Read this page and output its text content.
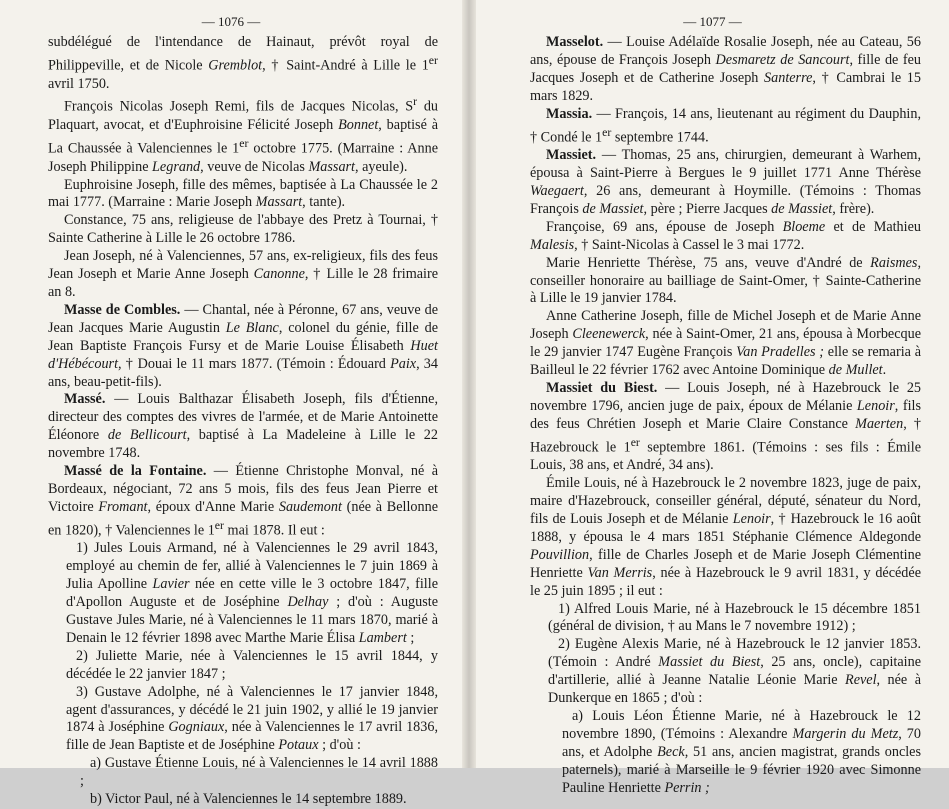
— 1076 —

subdélégué de l'intendance de Hainaut, prévôt royal de Philippeville, et de Nicole Gremblot, † Saint-André à Lille le 1er avril 1750.

François Nicolas Joseph Remi, fils de Jacques Nicolas, $S^r$ du Plaquart, avocat, et d'Euphroisine Félicité Joseph Bonnet, baptisé à La Chaussée à Valenciennes le 1er octobre 1775. (Marraine : Anne Joseph Philippine Legrand, veuve de Nicolas Massart, ayeule).

Euphroisine Joseph, fille des mêmes, baptisée à La Chaussée le 2 mai 1777. (Marraine : Marie Joseph Massart, tante).

Constance, 75 ans, religieuse de l'abbaye des Pretz à Tournai, † Sainte Catherine à Lille le 26 octobre 1786.

Jean Joseph, né à Valenciennes, 57 ans, ex-religieux, fils des feus Jean Joseph et Marie Anne Joseph Canonne, † Lille le 28 frimaire an 8.

Masse de Combles. — Chantal, née à Péronne, 67 ans, veuve de Jean Jacques Marie Augustin Le Blanc, colonel du génie, fille de Jean Baptiste François Fursy et de Marie Louise Élisabeth Huet d'Hébécourt, † Douai le 11 mars 1877. (Témoin : Édouard Paix, 34 ans, beau-petit-fils).

Massé. — Louis Balthazar Élisabeth Joseph, fils d'Étienne, directeur des comptes des vivres de l'armée, et de Marie Antoinette Éléonore de Bellicourt, baptisé à La Madeleine à Lille le 22 novembre 1748.

Massé de la Fontaine. — Étienne Christophe Monval, né à Bordeaux, négociant, 72 ans 5 mois, fils des feus Jean Pierre et Victoire Fromant, époux d'Anne Marie Saudemont (née à Bellonne en 1820), † Valenciennes le 1er mai 1878. Il eut :

1) Jules Louis Armand, né à Valenciennes le 29 avril 1843, employé au chemin de fer, allié à Valenciennes le 7 juin 1869 à Julia Apolline Lavier née en cette ville le 3 octobre 1847, fille d'Apollon Auguste et de Joséphine Delhay ; d'où : Auguste Gustave Jules Marie, né à Valenciennes le 11 mars 1870, marié à Denain le 12 février 1898 avec Marthe Marie Élisa Lambert ;

2) Juliette Marie, née à Valenciennes le 15 avril 1844, y décédée le 22 janvier 1847 ;

3) Gustave Adolphe, né à Valenciennes le 17 janvier 1848, agent d'assurances, y décédé le 21 juin 1902, y allié le 19 janvier 1874 à Joséphine Gogniaux, née à Valenciennes le 17 avril 1836, fille de Jean Baptiste et de Joséphine Potaux ; d'où :

a) Gustave Étienne Louis, né à Valenciennes le 14 avril 1888 ;

b) Victor Paul, né à Valenciennes le 14 septembre 1889.

— 1077 —

Masselot. — Louise Adélaïde Rosalie Joseph, née au Cateau, 56 ans, épouse de François Joseph Desmaretz de Sancourt, fille de feu Jacques Joseph et de Catherine Joseph Santerre, † Cambrai le 15 mars 1829.

Massia. — François, 14 ans, lieutenant au régiment du Dauphin, † Condé le 1er septembre 1744.

Massiet. — Thomas, 25 ans, chirurgien, demeurant à Warhem, épousa à Saint-Pierre à Bergues le 9 juillet 1771 Anne Thérèse Waegaert, 26 ans, demeurant à Hoymille. (Témoins : Thomas François de Massiet, père ; Pierre Jacques de Massiet, frère).

Françoise, 69 ans, épouse de Joseph Bloeme et de Mathieu Malesis, † Saint-Nicolas à Cassel le 3 mai 1772.

Marie Henriette Thérèse, 75 ans, veuve d'André de Raismes, conseiller honoraire au bailliage de Saint-Omer, † Sainte-Catherine à Lille le 19 janvier 1784.

Anne Catherine Joseph, fille de Michel Joseph et de Marie Anne Joseph Cleenewerck, née à Saint-Omer, 21 ans, épousa à Morbecque le 29 janvier 1747 Eugène François Van Pradelles ; elle se remaria à Bailleul le 22 février 1762 avec Antoine Dominique de Mullet.

Massiet du Biest. — Louis Joseph, né à Hazebrouck le 25 novembre 1796, ancien juge de paix, époux de Mélanie Lenoir, fils des feus Chrétien Joseph et Marie Claire Constance Maerten, † Hazebrouck le 1er septembre 1861. (Témoins : ses fils : Émile Louis, 38 ans, et André, 34 ans).

Émile Louis, né à Hazebrouck le 2 novembre 1823, juge de paix, maire d'Hazebrouck, conseiller général, député, sénateur du Nord, fils de Louis Joseph et de Mélanie Lenoir, † Hazebrouck le 16 août 1888, y épousa le 4 mars 1851 Stéphanie Clémence Aldegonde Pouvillion, fille de Charles Joseph et de Marie Joseph Clémentine Henriette Van Merris, née à Hazebrouck le 9 avril 1831, y décédée le 25 juin 1895 ; il eut :

1) Alfred Louis Marie, né à Hazebrouck le 15 décembre 1851 (général de division, † au Mans le 7 novembre 1912) ;

2) Eugène Alexis Marie, né à Hazebrouck le 12 janvier 1853. (Témoin : André Massiet du Biest, 25 ans, oncle), capitaine d'artillerie, allié à Jeanne Natalie Léonie Marie Revel, née à Dunkerque en 1865 ; d'où :

a) Louis Léon Étienne Marie, né à Hazebrouck le 12 novembre 1890, (Témoins : Alexandre Margerin du Metz, 70 ans, et Adolphe Beck, 51 ans, ancien magistrat, grands oncles paternels), marié à Marseille le 9 février 1920 avec Simonne Pauline Henriette Perrin ;
